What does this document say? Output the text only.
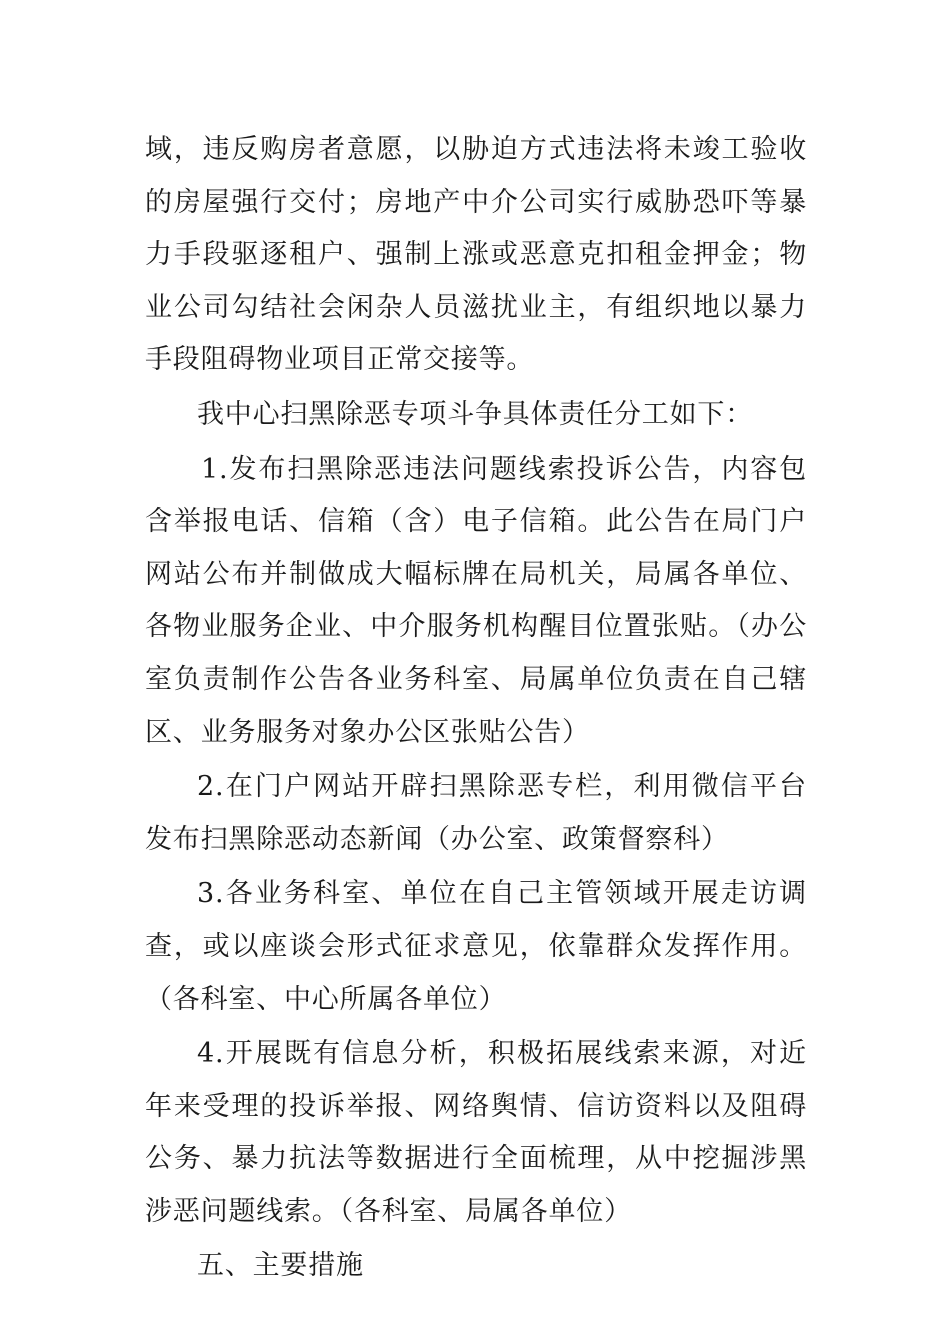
域，违反购房者意愿，以胁迫方式违法将未竣工验收的房屋强行交付；房地产中介公司实行威胁恐吓等暴力手段驱逐租户、强制上涨或恶意克扣租金押金；物业公司勾结社会闲杂人员滋扰业主，有组织地以暴力手段阻碍物业项目正常交接等。

我中心扫黑除恶专项斗争具体责任分工如下：

1.发布扫黑除恶违法问题线索投诉公告，内容包含举报电话、信箱（含）电子信箱。此公告在局门户网站公布并制做成大幅标牌在局机关，局属各单位、各物业服务企业、中介服务机构醒目位置张贴。（办公室负责制作公告各业务科室、局属单位负责在自己辖区、业务服务对象办公区张贴公告）

2.在门户网站开辟扫黑除恶专栏，利用微信平台发布扫黑除恶动态新闻（办公室、政策督察科）

3.各业务科室、单位在自己主管领域开展走访调查，或以座谈会形式征求意见，依靠群众发挥作用。（各科室、中心所属各单位）

4.开展既有信息分析，积极拓展线索来源，对近年来受理的投诉举报、网络舆情、信访资料以及阻碍公务、暴力抗法等数据进行全面梳理，从中挖掘涉黑涉恶问题线索。（各科室、局属各单位）

五、主要措施
